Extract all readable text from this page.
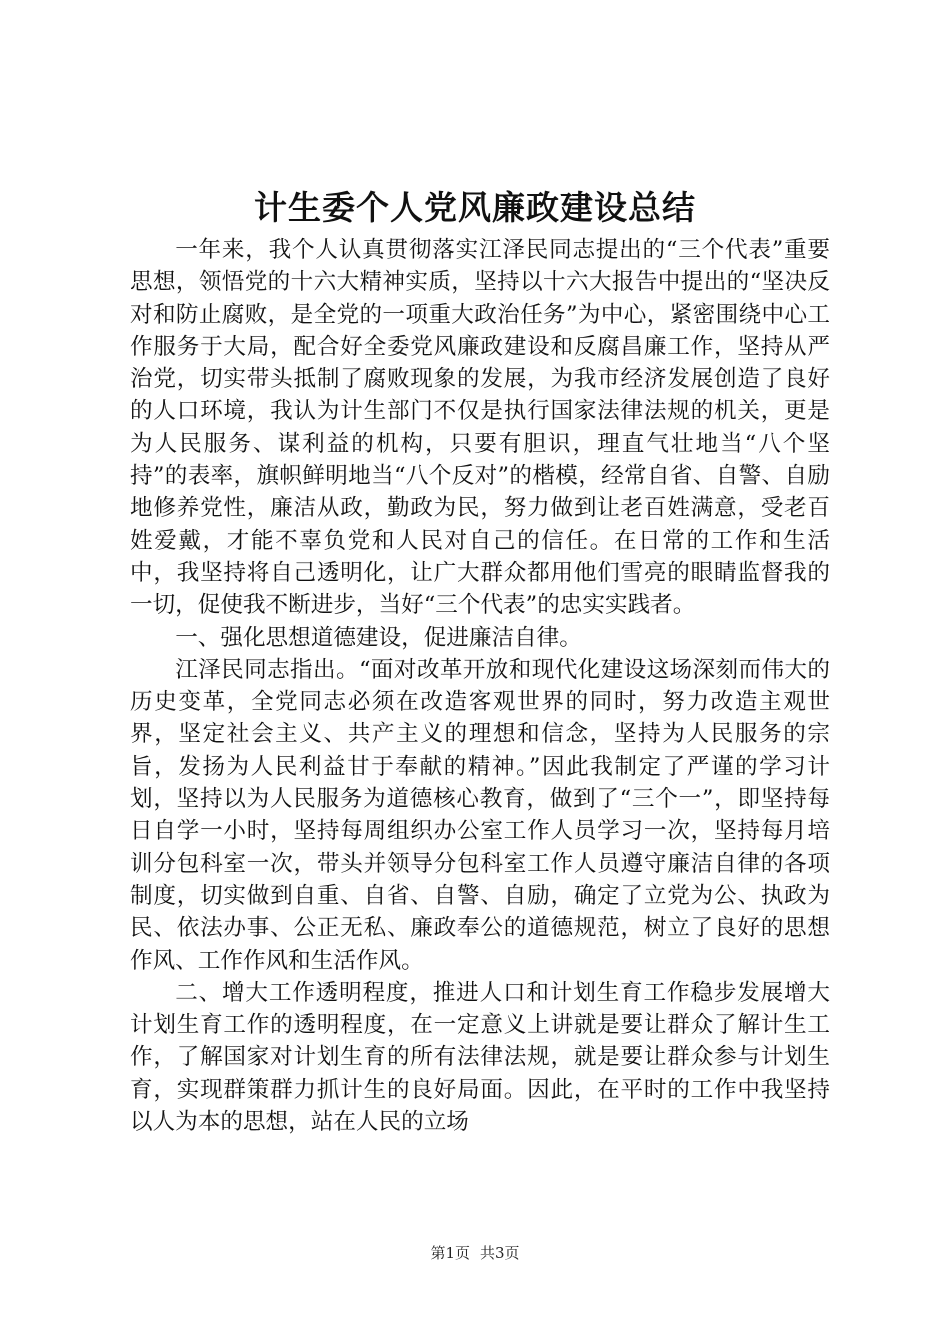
计生委个人党风廉政建设总结

一年来，我个人认真贯彻落实江泽民同志提出的“三个代表”重要思想，领悟党的十六大精神实质，坚持以十六大报告中提出的“坚决反对和防止腐败，是全党的一项重大政治任务”为中心，紧密围绕中心工作服务于大局，配合好全委党风廉政建设和反腐昌廉工作，坚持从严治党，切实带头抵制了腐败现象的发展，为我市经济发展创造了良好的人口环境，我认为计生部门不仅是执行国家法律法规的机关，更是为人民服务、谋利益的机构，只要有胆识，理直气壮地当“八个坚持”的表率，旗帜鲜明地当“八个反对”的楷模，经常自省、自警、自励地修养党性，廉洁从政，勤政为民，努力做到让老百姓满意，受老百姓爱戴，才能不辜负党和人民对自己的信任。在日常的工作和生活中，我坚持将自己透明化，让广大群众都用他们雪亮的眼睛监督我的一切，促使我不断进步，当好“三个代表”的忠实实践者。

一、强化思想道德建设，促进廉洁自律。

江泽民同志指出。“面对改革开放和现代化建设这场深刻而伟大的历史变革，全党同志必须在改造客观世界的同时，努力改造主观世界，坚定社会主义、共产主义的理想和信念，坚持为人民服务的宗旨，发扬为人民利益甘于奉献的精神。”因此我制定了严谨的学习计划，坚持以为人民服务为道德核心教育，做到了“三个一”，即坚持每日自学一小时，坚持每周组织办公室工作人员学习一次，坚持每月培训分包科室一次，带头并领导分包科室工作人员遵守廉洁自律的各项制度，切实做到自重、自省、自警、自励，确定了立党为公、执政为民、依法办事、公正无私、廉政奉公的道德规范，树立了良好的思想作风、工作作风和生活作风。

二、增大工作透明程度，推进人口和计划生育工作稳步发展增大计划生育工作的透明程度，在一定意义上讲就是要让群众了解计生工作，了解国家对计划生育的所有法律法规，就是要让群众参与计划生育，实现群策群力抓计生的良好局面。因此，在平时的工作中我坚持以人为本的思想，站在人民的立场

第1页 共3页
